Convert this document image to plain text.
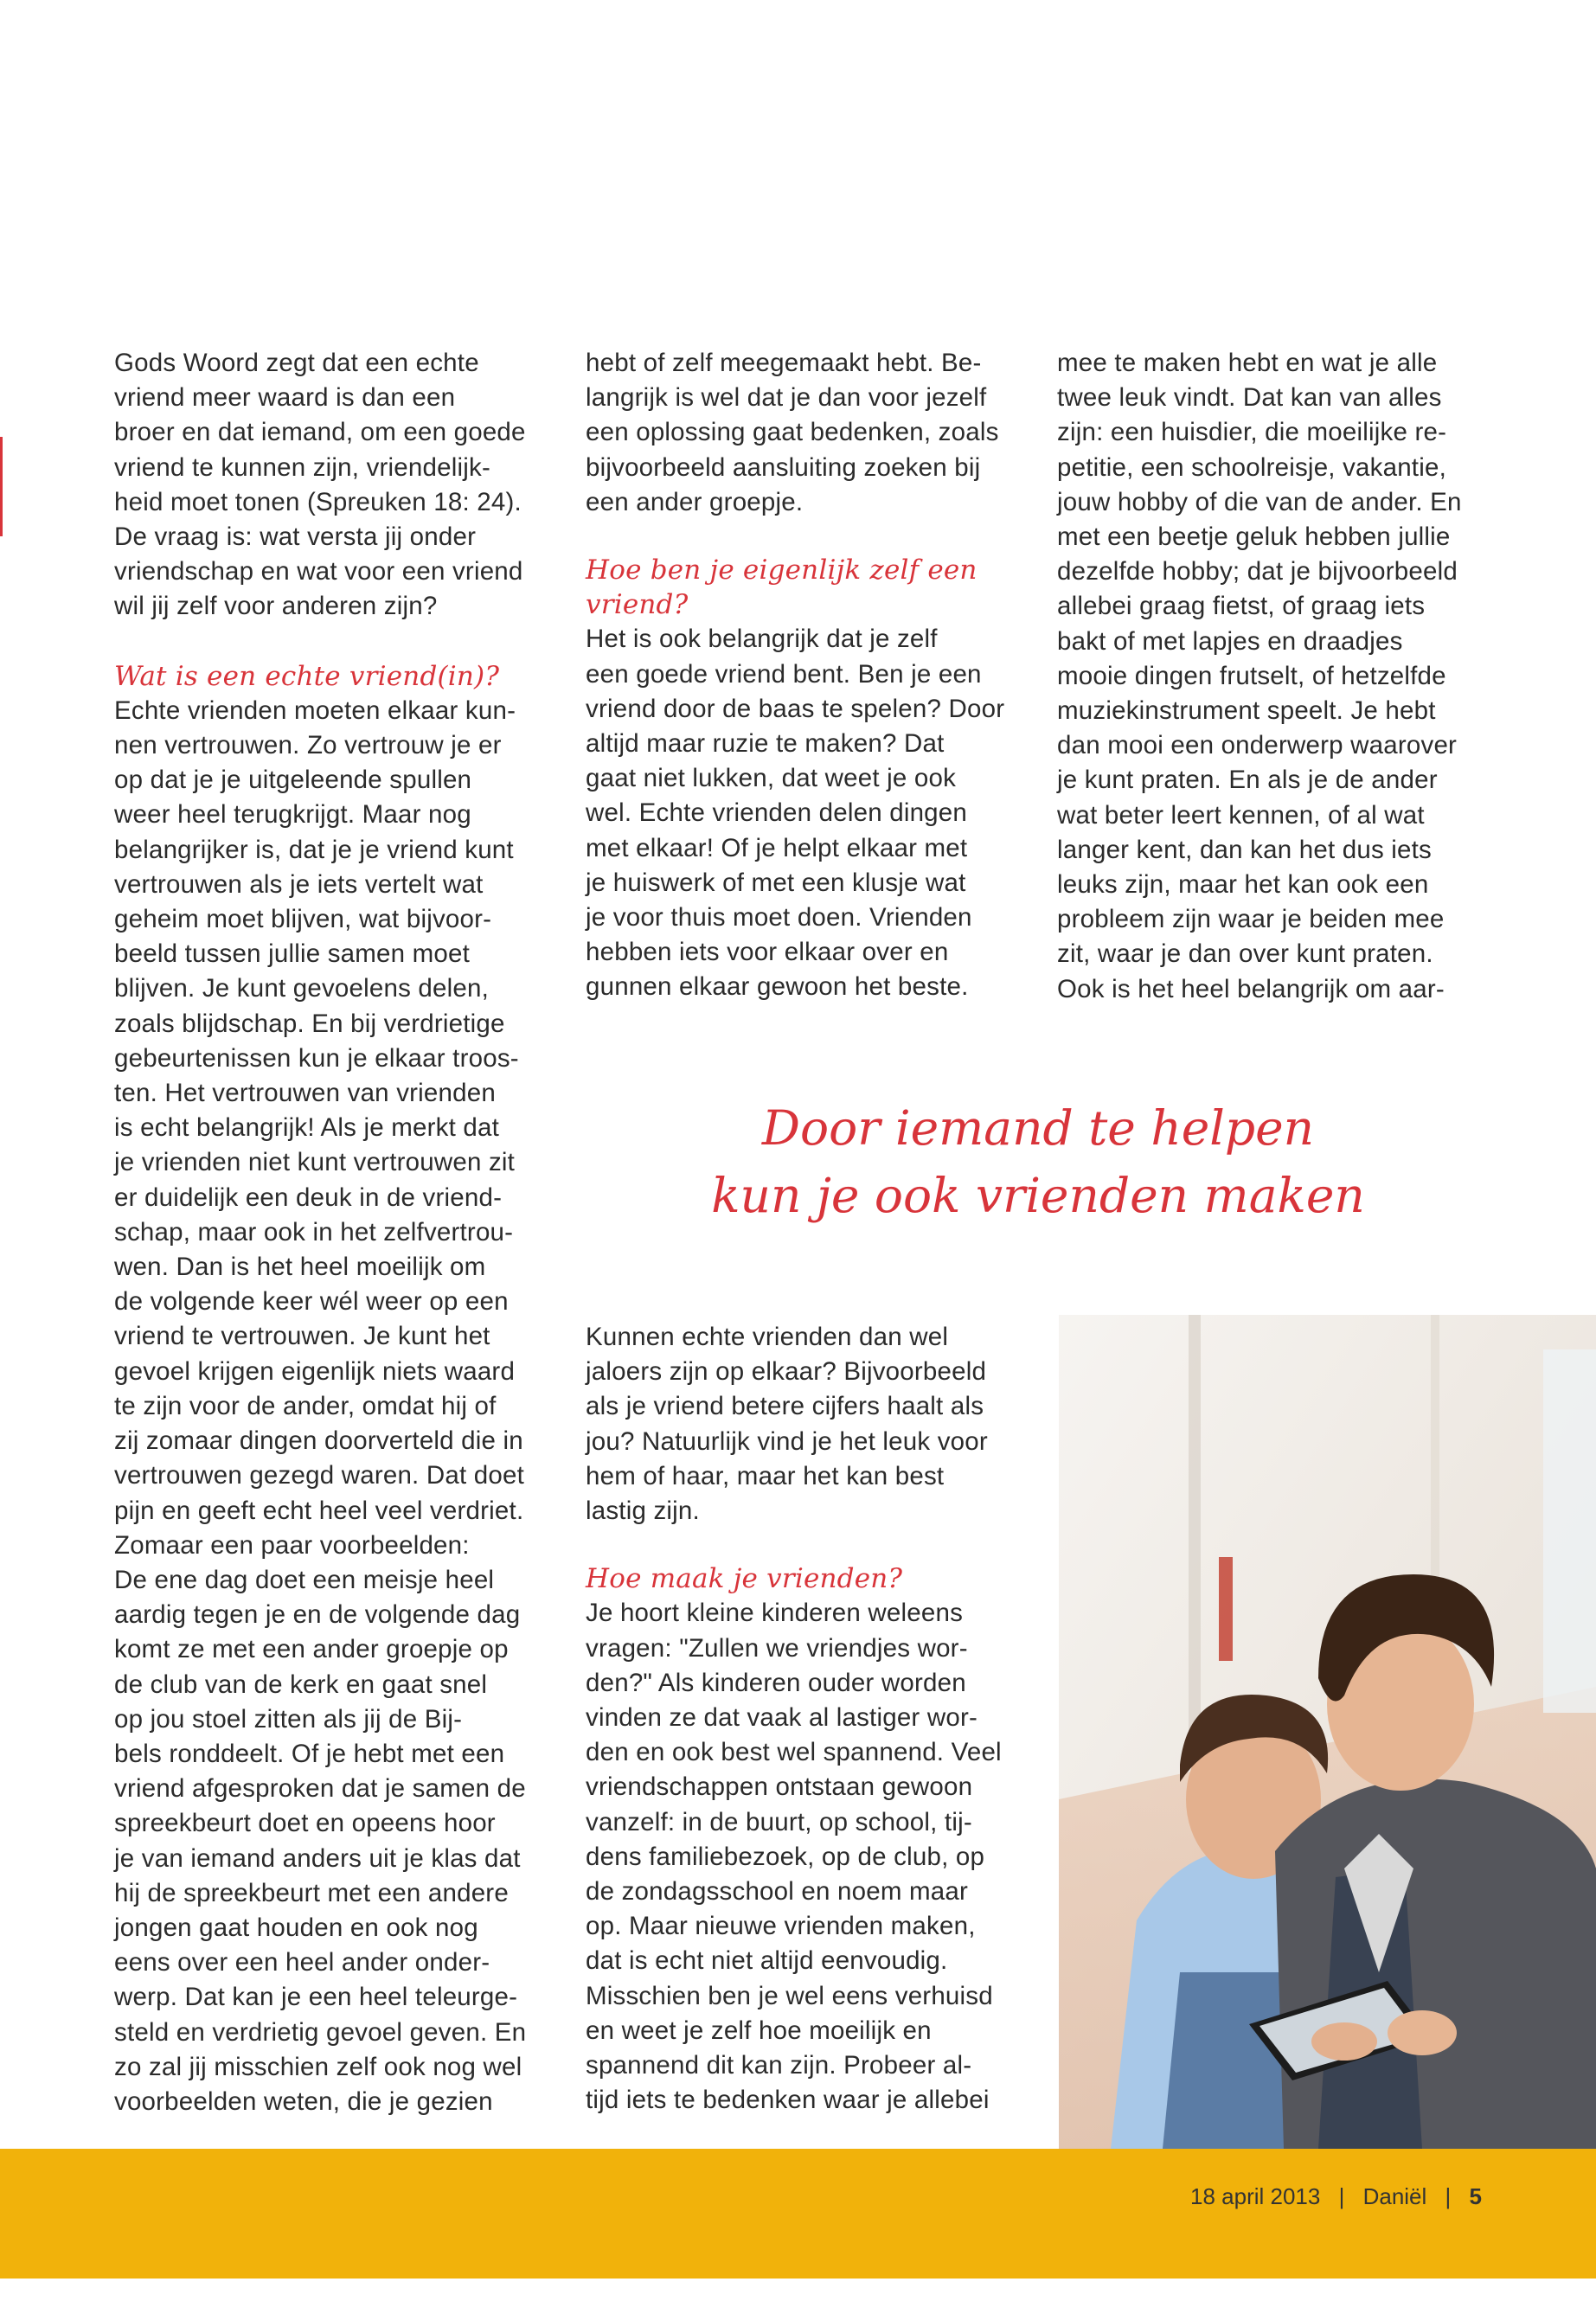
Gods Woord zegt dat een echte

vriend meer waard is dan een

broer en dat iemand, om een goede

vriend te kunnen zijn, vriendelijk-

heid moet tonen (Spreuken 18: 24).

De vraag is: wat versta jij onder

vriendschap en wat voor een vriend

wil jij zelf voor anderen zijn?

Wat is een echte vriend(in)?

Echte vrienden moeten elkaar kun-

nen vertrouwen. Zo vertrouw je er

op dat je je uitgeleende spullen

weer heel terugkrijgt. Maar nog

belangrijker is, dat je je vriend kunt

vertrouwen als je iets vertelt wat

geheim moet blijven, wat bijvoor-

beeld tussen jullie samen moet

blijven. Je kunt gevoelens delen,

zoals blijdschap. En bij verdrietige

gebeurtenissen kun je elkaar troos-

ten. Het vertrouwen van vrienden

is echt belangrijk! Als je merkt dat

je vrienden niet kunt vertrouwen zit

er duidelijk een deuk in de vriend-

schap, maar ook in het zelfvertrou-

wen. Dan is het heel moeilijk om

de volgende keer wél weer op een

vriend te vertrouwen. Je kunt het

gevoel krijgen eigenlijk niets waard

te zijn voor de ander, omdat hij of

zij zomaar dingen doorverteld die in

vertrouwen gezegd waren. Dat doet

pijn en geeft echt heel veel verdriet.

Zomaar een paar voorbeelden:

De ene dag doet een meisje heel

aardig tegen je en de volgende dag

komt ze met een ander groepje op

de club van de kerk en gaat snel

op jou stoel zitten als jij de Bij-

bels ronddeelt. Of je hebt met een

vriend afgesproken dat je samen de

spreekbeurt doet en opeens hoor

je van iemand anders uit je klas dat

hij de spreekbeurt met een andere

jongen gaat houden en ook nog

eens over een heel ander onder-

werp. Dat kan je een heel teleurge-

steld en verdrietig gevoel geven. En

zo zal jij misschien zelf ook nog wel

voorbeelden weten, die je gezien

hebt of zelf meegemaakt hebt. Be-

langrijk is wel dat je dan voor jezelf

een oplossing gaat bedenken, zoals

bijvoorbeeld aansluiting zoeken bij

een ander groepje.

Hoe ben je eigenlijk zelf een
vriend?

Het is ook belangrijk dat je zelf

een goede vriend bent. Ben je een

vriend door de baas te spelen? Door

altijd maar ruzie te maken? Dat

gaat niet lukken, dat weet je ook

wel. Echte vrienden delen dingen

met elkaar! Of je helpt elkaar met

je huiswerk of met een klusje wat

je voor thuis moet doen. Vrienden

hebben iets voor elkaar over en

gunnen elkaar gewoon het beste.

mee te maken hebt en wat je alle

twee leuk vindt. Dat kan van alles

zijn: een huisdier, die moeilijke re-

petitie, een schoolreisje, vakantie,

jouw hobby of die van de ander. En

met een beetje geluk hebben jullie

dezelfde hobby; dat je bijvoorbeeld

allebei graag fietst, of graag iets

bakt of met lapjes en draadjes

mooie dingen frutselt, of hetzelfde

muziekinstrument speelt. Je hebt

dan mooi een onderwerp waarover

je kunt praten. En als je de ander

wat beter leert kennen, of al wat

langer kent, dan kan het dus iets

leuks zijn, maar het kan ook een

probleem zijn waar je beiden mee

zit, waar je dan over kunt praten.

Ook is het heel belangrijk om aar-

Door iemand te helpen
kun je ook vrienden maken

Kunnen echte vrienden dan wel

jaloers zijn op elkaar? Bijvoorbeeld

als je vriend betere cijfers haalt als

jou? Natuurlijk vind je het leuk voor

hem of haar, maar het kan best

lastig zijn.

Hoe maak je vrienden?

Je hoort kleine kinderen weleens

vragen: "Zullen we vriendjes wor-

den?" Als kinderen ouder worden

vinden ze dat vaak al lastiger wor-

den en ook best wel spannend. Veel

vriendschappen ontstaan gewoon

vanzelf: in de buurt, op school, tij-

dens familiebezoek, op de club, op

de zondagsschool en noem maar

op. Maar nieuwe vrienden maken,

dat is echt niet altijd eenvoudig.

Misschien ben je wel eens verhuisd

en weet je zelf hoe moeilijk en

spannend dit kan zijn. Probeer al-

tijd iets te bedenken waar je allebei

18 april 2013 | Daniël | 5
